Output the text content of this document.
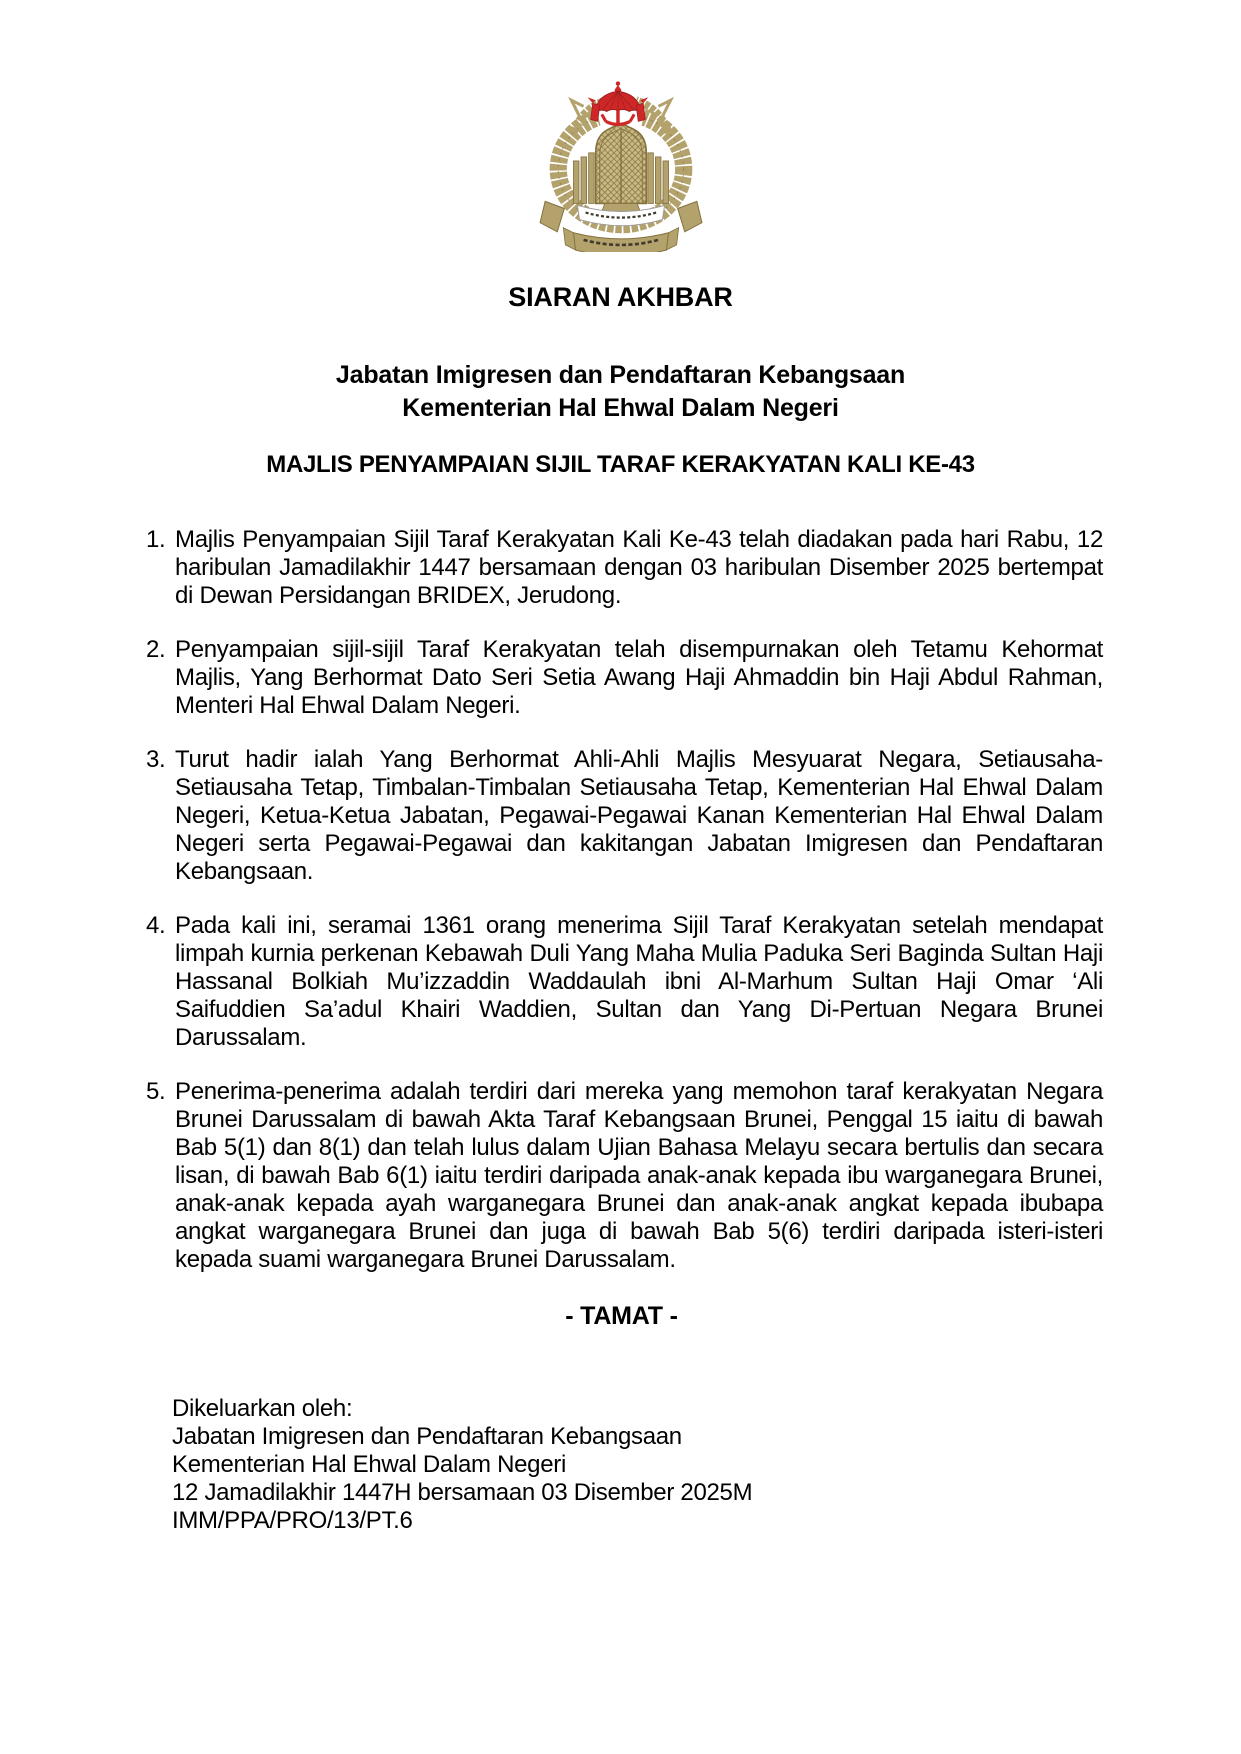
SIARAN AKHBAR
Jabatan Imigresen dan Pendaftaran Kebangsaan
Kementerian Hal Ehwal Dalam Negeri
MAJLIS PENYAMPAIAN SIJIL TARAF KERAKYATAN KALI KE-43
1. Majlis Penyampaian Sijil Taraf Kerakyatan Kali Ke-43 telah diadakan pada hari Rabu, 12 haribulan Jamadilakhir 1447 bersamaan dengan 03 haribulan Disember 2025 bertempat di Dewan Persidangan BRIDEX, Jerudong.
2. Penyampaian sijil-sijil Taraf Kerakyatan telah disempurnakan oleh Tetamu Kehormat Majlis, Yang Berhormat Dato Seri Setia Awang Haji Ahmaddin bin Haji Abdul Rahman, Menteri Hal Ehwal Dalam Negeri.
3. Turut hadir ialah Yang Berhormat Ahli-Ahli Majlis Mesyuarat Negara, Setiausaha-Setiausaha Tetap, Timbalan-Timbalan Setiausaha Tetap, Kementerian Hal Ehwal Dalam Negeri, Ketua-Ketua Jabatan, Pegawai-Pegawai Kanan Kementerian Hal Ehwal Dalam Negeri serta Pegawai-Pegawai dan kakitangan Jabatan Imigresen dan Pendaftaran Kebangsaan.
4. Pada kali ini, seramai 1361 orang menerima Sijil Taraf Kerakyatan setelah mendapat limpah kurnia perkenan Kebawah Duli Yang Maha Mulia Paduka Seri Baginda Sultan Haji Hassanal Bolkiah Mu’izzaddin Waddaulah ibni Al-Marhum Sultan Haji Omar ‘Ali Saifuddien Sa’adul Khairi Waddien, Sultan dan Yang Di-Pertuan Negara Brunei Darussalam.
5. Penerima-penerima adalah terdiri dari mereka yang memohon taraf kerakyatan Negara Brunei Darussalam di bawah Akta Taraf Kebangsaan Brunei, Penggal 15 iaitu di bawah Bab 5(1) dan 8(1) dan telah lulus dalam Ujian Bahasa Melayu secara bertulis dan secara lisan, di bawah Bab 6(1) iaitu terdiri daripada anak-anak kepada ibu warganegara Brunei, anak-anak kepada ayah warganegara Brunei dan anak-anak angkat kepada ibubapa angkat warganegara Brunei dan juga di bawah Bab 5(6) terdiri daripada isteri-isteri kepada suami warganegara Brunei Darussalam.
- TAMAT -
Dikeluarkan oleh:
Jabatan Imigresen dan Pendaftaran Kebangsaan
Kementerian Hal Ehwal Dalam Negeri
12 Jamadilakhir 1447H bersamaan 03 Disember 2025M
IMM/PPA/PRO/13/PT.6
